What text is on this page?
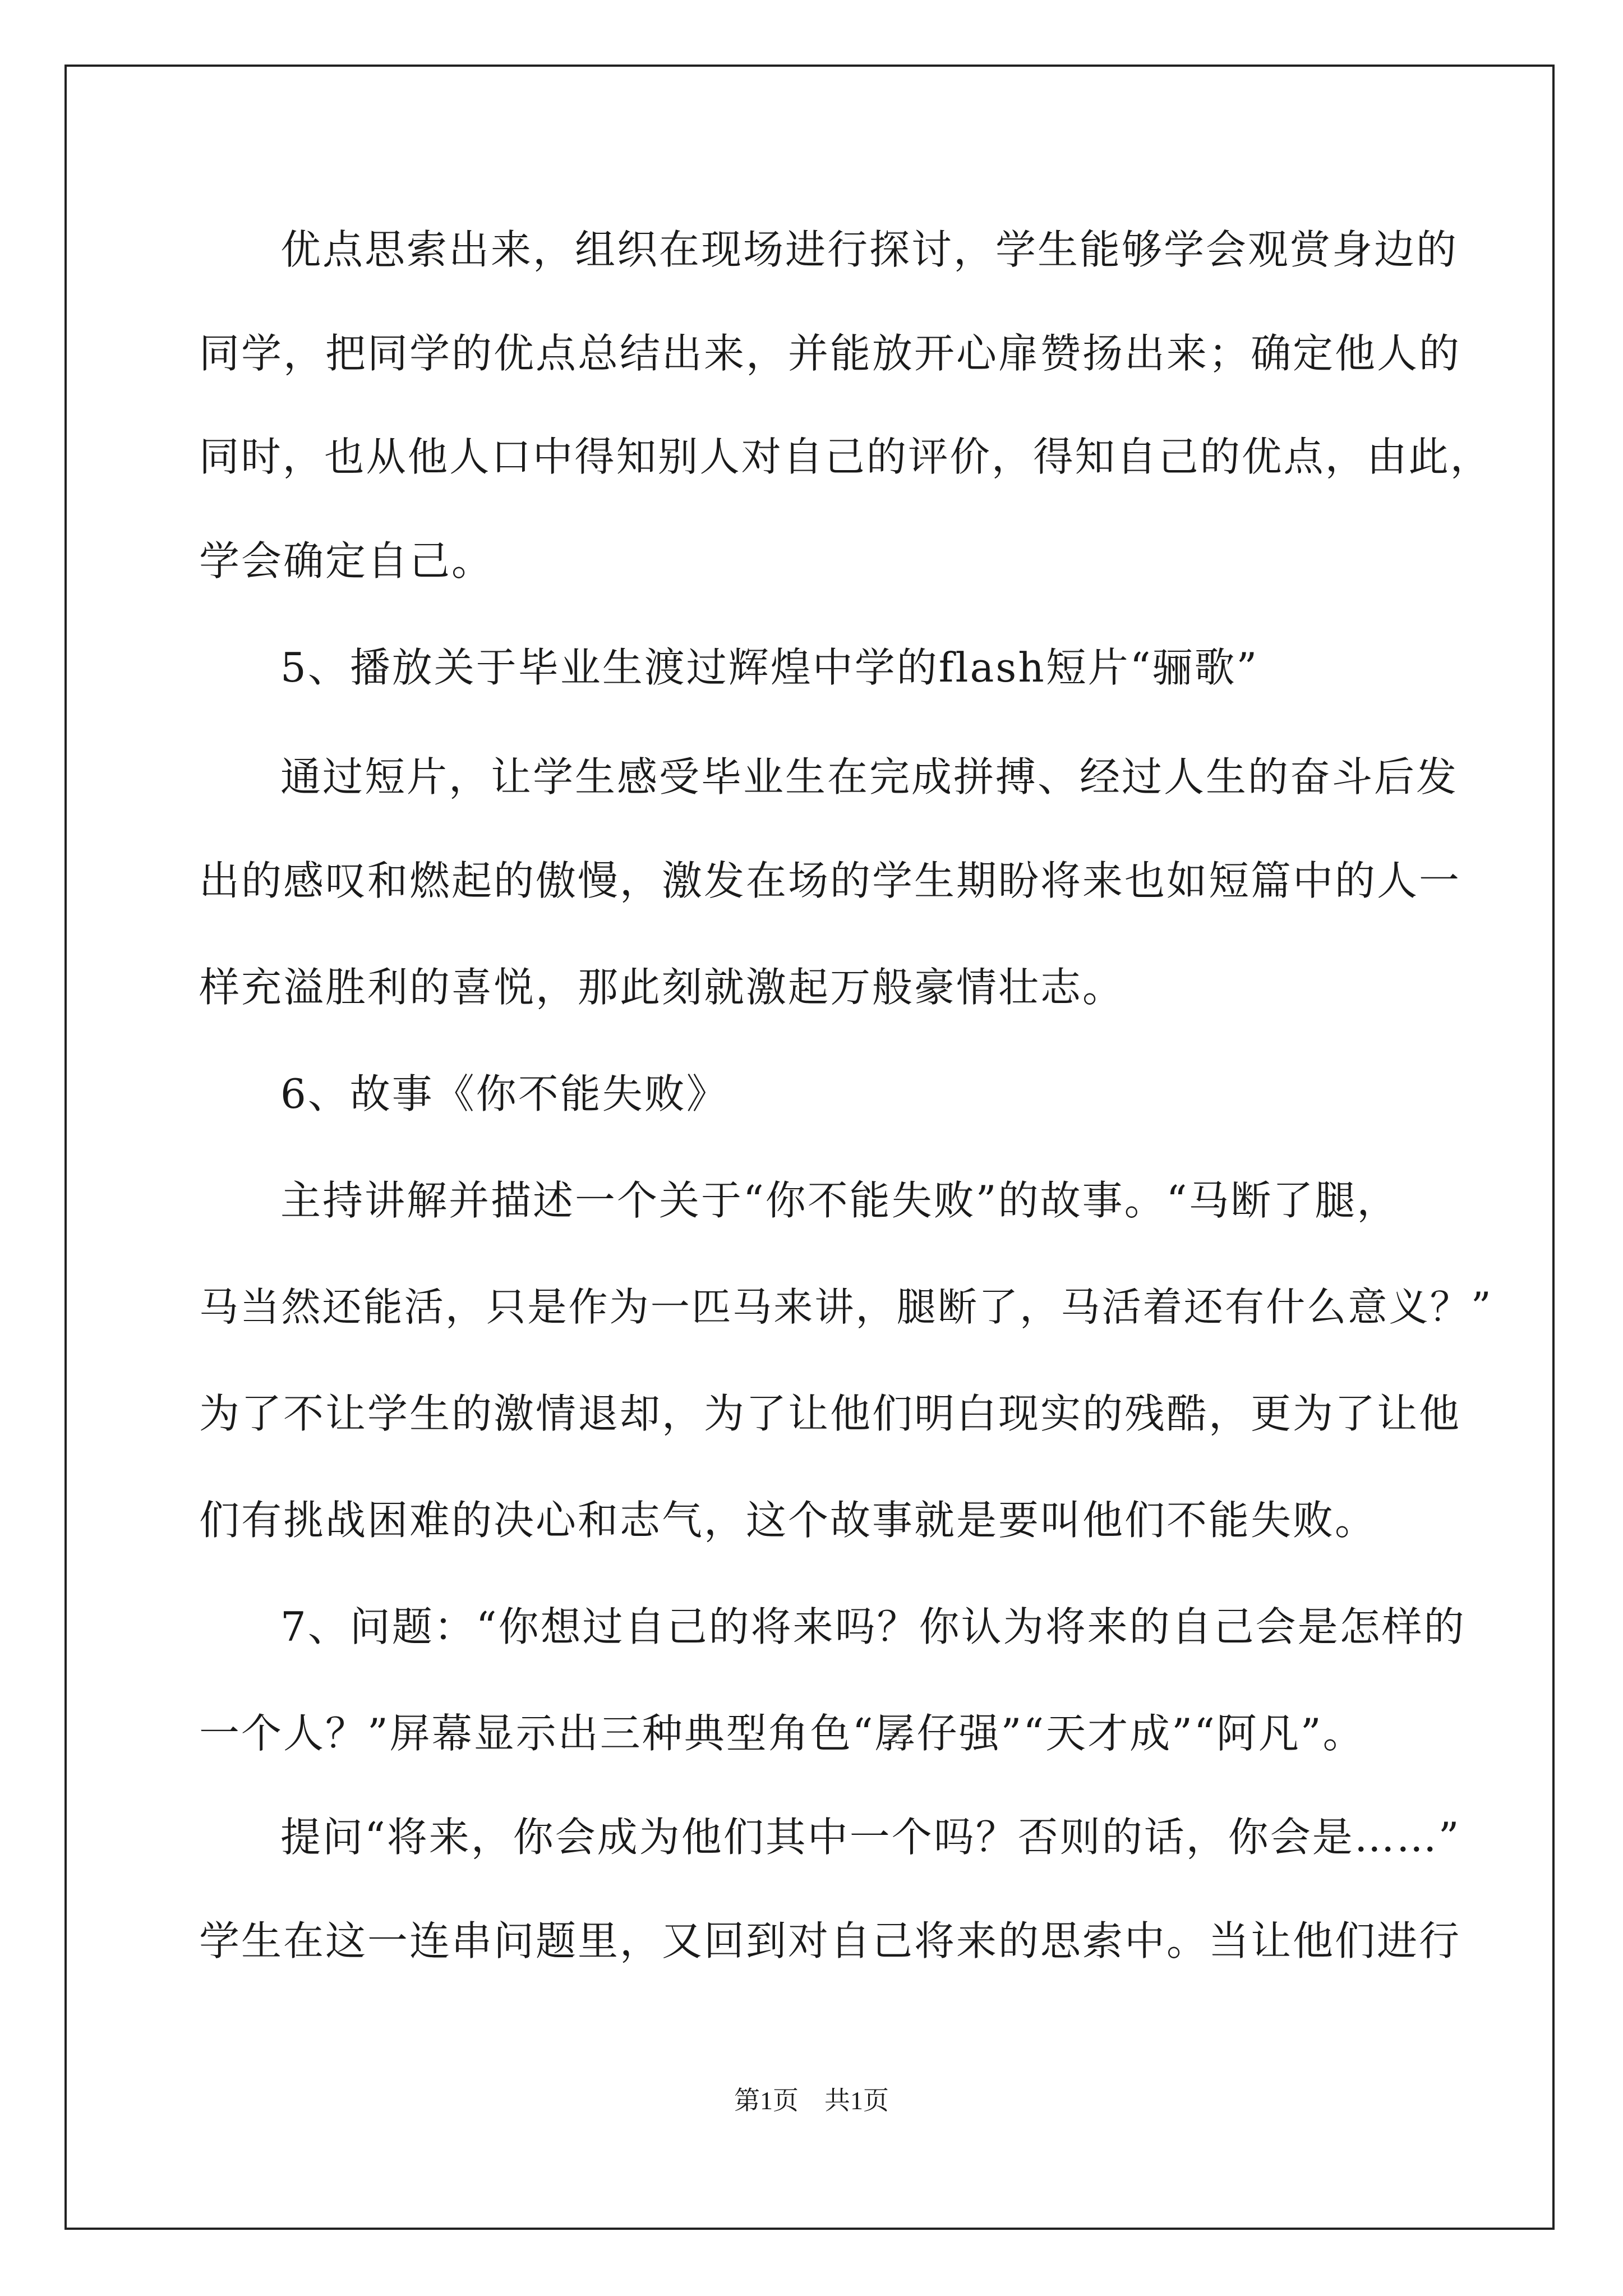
优点思索出来，组织在现场进行探讨，学生能够学会观赏身边的
同学，把同学的优点总结出来，并能放开心扉赞扬出来；确定他人的
同时，也从他人口中得知别人对自己的评价，得知自己的优点，由此，
学会确定自己。
5、播放关于毕业生渡过辉煌中学的flash短片“骊歌”
通过短片，让学生感受毕业生在完成拼搏、经过人生的奋斗后发
出的感叹和燃起的傲慢，激发在场的学生期盼将来也如短篇中的人一
样充溢胜利的喜悦，那此刻就激起万般豪情壮志。
6、故事《你不能失败》
主持讲解并描述一个关于“你不能失败”的故事。“马断了腿，
马当然还能活，只是作为一匹马来讲，腿断了，马活着还有什么意义？”
为了不让学生的激情退却，为了让他们明白现实的残酷，更为了让他
们有挑战困难的决心和志气，这个故事就是要叫他们不能失败。
7、问题：“你想过自己的将来吗？你认为将来的自己会是怎样的
一个人？”屏幕显示出三种典型角色“孱仔强”“天才成”“阿凡”。
提问“将来，你会成为他们其中一个吗？否则的话，你会是……”
学生在这一连串问题里，又回到对自己将来的思索中。当让他们进行
第1页　共1页
